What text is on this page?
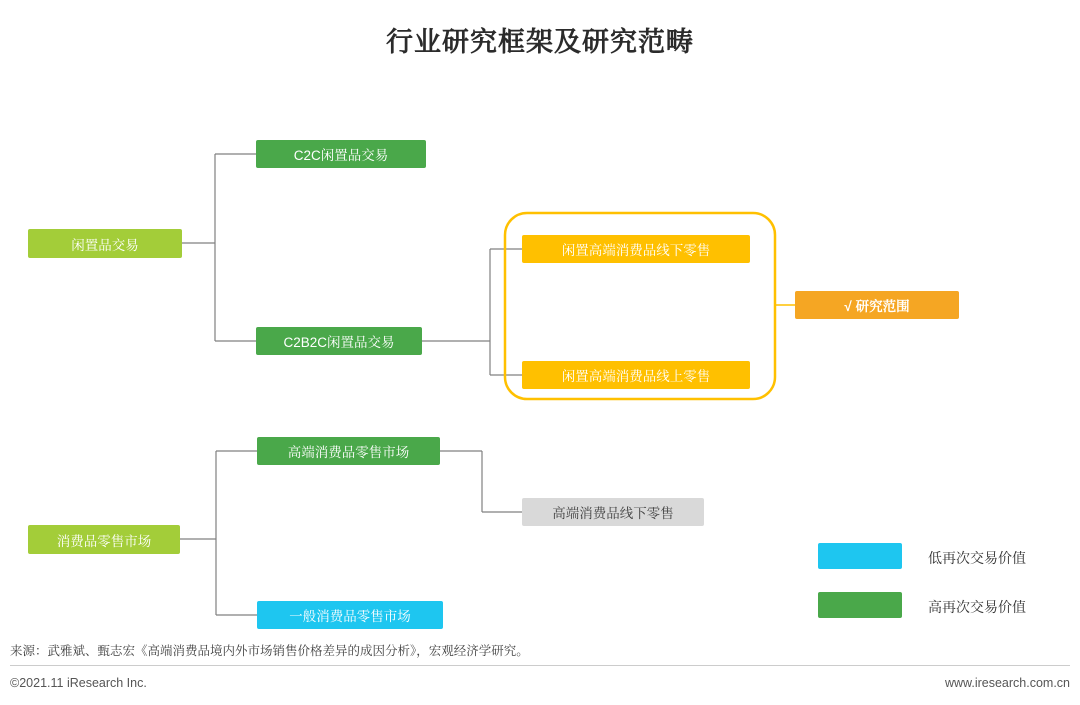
行业研究框架及研究范畴
闲置品交易
C2C闲置品交易
C2B2C闲置品交易
闲置高端消费品线下零售
闲置高端消费品线上零售
√ 研究范围
消费品零售市场
高端消费品零售市场
高端消费品线下零售
一般消费品零售市场
低再次交易价值
高再次交易价值
来源：武雅斌、甄志宏《高端消费品境内外市场销售价格差异的成因分析》，宏观经济学研究。
©2021.11 iResearch Inc.	www.iresearch.com.cn
